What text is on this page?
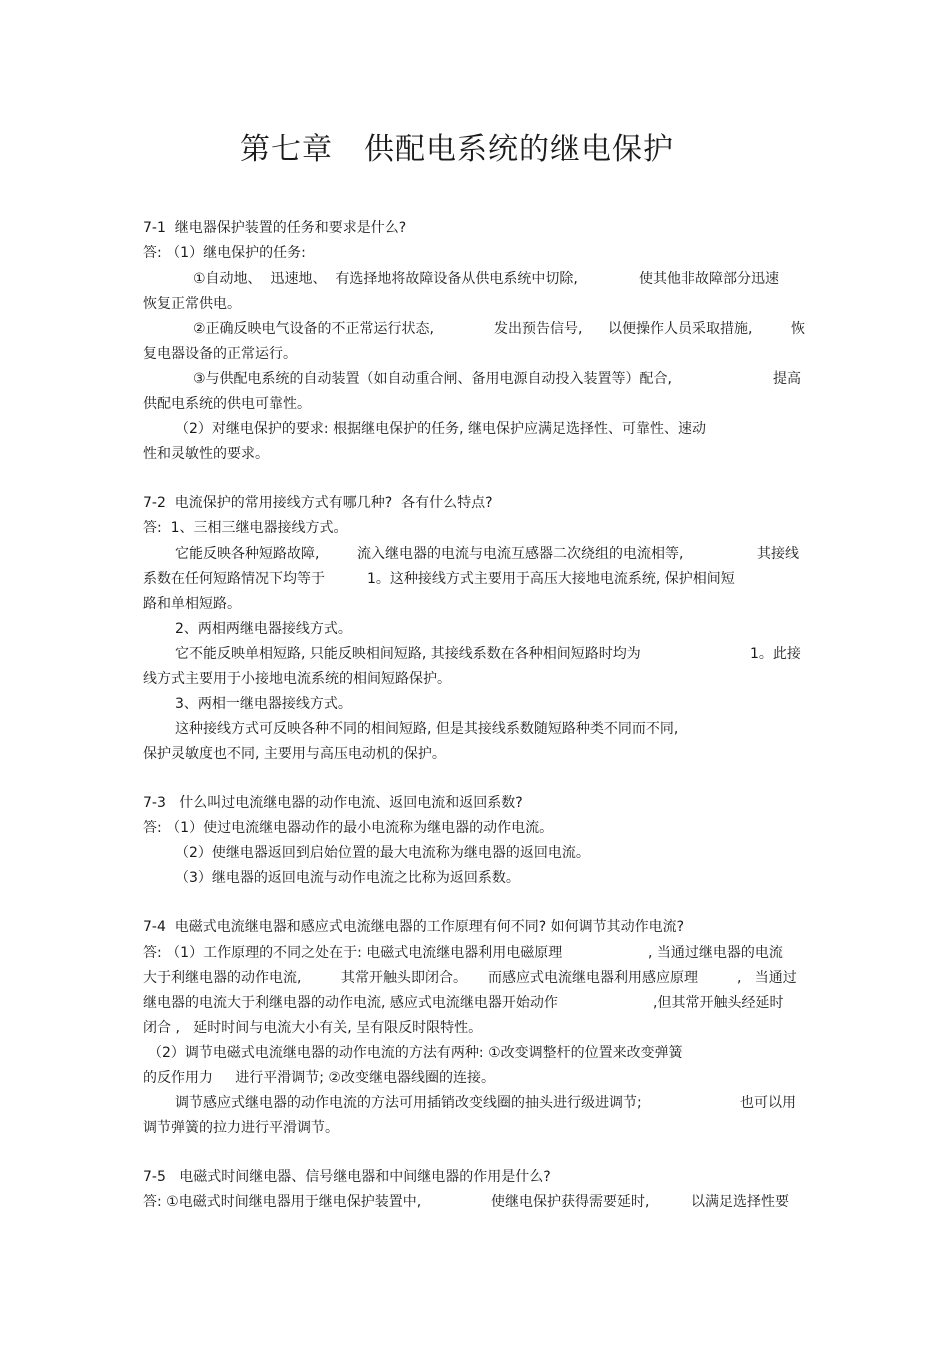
第七章　供配电系统的继电保护
7-1  继电器保护装置的任务和要求是什么?
答: （1）继电保护的任务:
①自动地、  迅速地、  有选择地将故障设备从供电系统中切除,	使其他非故障部分迅速
恢复正常供电。
②正确反映电气设备的不正常运行状态,	发出预告信号, 以便操作人员采取措施,	恢
复电器设备的正常运行。
③与供配电系统的自动装置（如自动重合闸、备用电源自动投入装置等）配合,	提高
供配电系统的供电可靠性。
（2）对继电保护的要求: 根据继电保护的任务, 继电保护应满足选择性、可靠性、速动
性和灵敏性的要求。
7-2  电流保护的常用接线方式有哪几种?  各有什么特点?
答:  1、三相三继电器接线方式。
它能反映各种短路故障,	流入继电器的电流与电流互感器二次绕组的电流相等,	其接线
系数在任何短路情况下均等于	1。这种接线方式主要用于高压大接地电流系统, 保护相间短
路和单相短路。
2、两相两继电器接线方式。
它不能反映单相短路, 只能反映相间短路, 其接线系数在各种相间短路时均为	1。此接
线方式主要用于小接地电流系统的相间短路保护。
3、两相一继电器接线方式。
这种接线方式可反映各种不同的相间短路, 但是其接线系数随短路种类不同而不同,
保护灵敏度也不同, 主要用与高压电动机的保护。
7-3   什么叫过电流继电器的动作电流、返回电流和返回系数?
答: （1）使过电流继电器动作的最小电流称为继电器的动作电流。
（2）使继电器返回到启始位置的最大电流称为继电器的返回电流。
（3）继电器的返回电流与动作电流之比称为返回系数。
7-4  电磁式电流继电器和感应式电流继电器的工作原理有何不同? 如何调节其动作电流?
答: （1）工作原理的不同之处在于: 电磁式电流继电器利用电磁原理	, 当通过继电器的电流
大于利继电器的动作电流,	其常开触头即闭合。 而感应式电流继电器利用感应原理	,   当通过
继电器的电流大于利继电器的动作电流, 感应式电流继电器开始动作	,但其常开触头经延时
闭合 ,   延时时间与电流大小有关, 呈有限反时限特性。
（2）调节电磁式电流继电器的动作电流的方法有两种: ①改变调整杆的位置来改变弹簧
的反作用力     进行平滑调节; ②改变继电器线圈的连接。
调节感应式继电器的动作电流的方法可用插销改变线圈的抽头进行级进调节;	也可以用
调节弹簧的拉力进行平滑调节。
7-5   电磁式时间继电器、信号继电器和中间继电器的作用是什么?
答: ①电磁式时间继电器用于继电保护装置中,	使继电保护获得需要延时,	以满足选择性要
